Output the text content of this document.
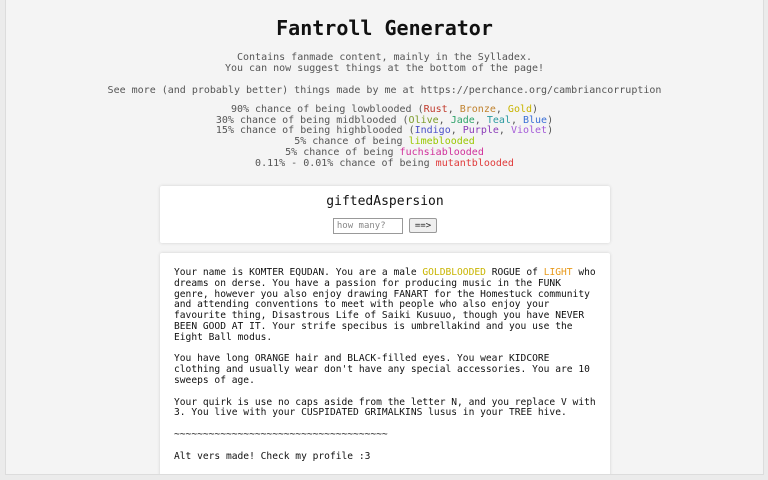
Fantroll Generator

Contains fanmade content, mainly in the Sylladex.

You can now suggest things at the bottom of the page!

See more (and probably better) things made by me at https://perchance.org/cambriancorruption

90% chance of being lowblooded (Rust, Bronze, Gold)

30% chance of being midblooded (Olive, Jade, Teal, Blue)

15% chance of being highblooded (Indigo, Purple, Violet)

5% chance of being limeblooded

5% chance of being fuchsiablooded

0.11% - 0.01% chance of being mutantblooded

giftedAspersion
how many?
==>

Your name is KOMTER EQUDAN. You are a male GOLDBLOODED ROGUE of LIGHT who dreams on derse. You have a passion for producing music in the FUNK genre, however you also enjoy drawing FANART for the Homestuck community and attending conventions to meet with people who also enjoy your favourite thing, Disastrous Life of Saiki Kusuuo, though you have NEVER BEEN GOOD AT IT. Your strife specibus is umbrellakind and you use the Eight Ball modus.

You have long ORANGE hair and BLACK-filled eyes. You wear KIDCORE clothing and usually wear don't have any special accessories. You are 10 sweeps of age.

Your quirk is use no caps aside from the letter N, and you replace V with 3. You live with your CUSPIDATED GRIMALKINS lusus in your TREE hive.

~~~~~~~~~~~~~~~~~~~~~~~~~~~~~~~~~~~~~

Alt vers made! Check my profile :3
